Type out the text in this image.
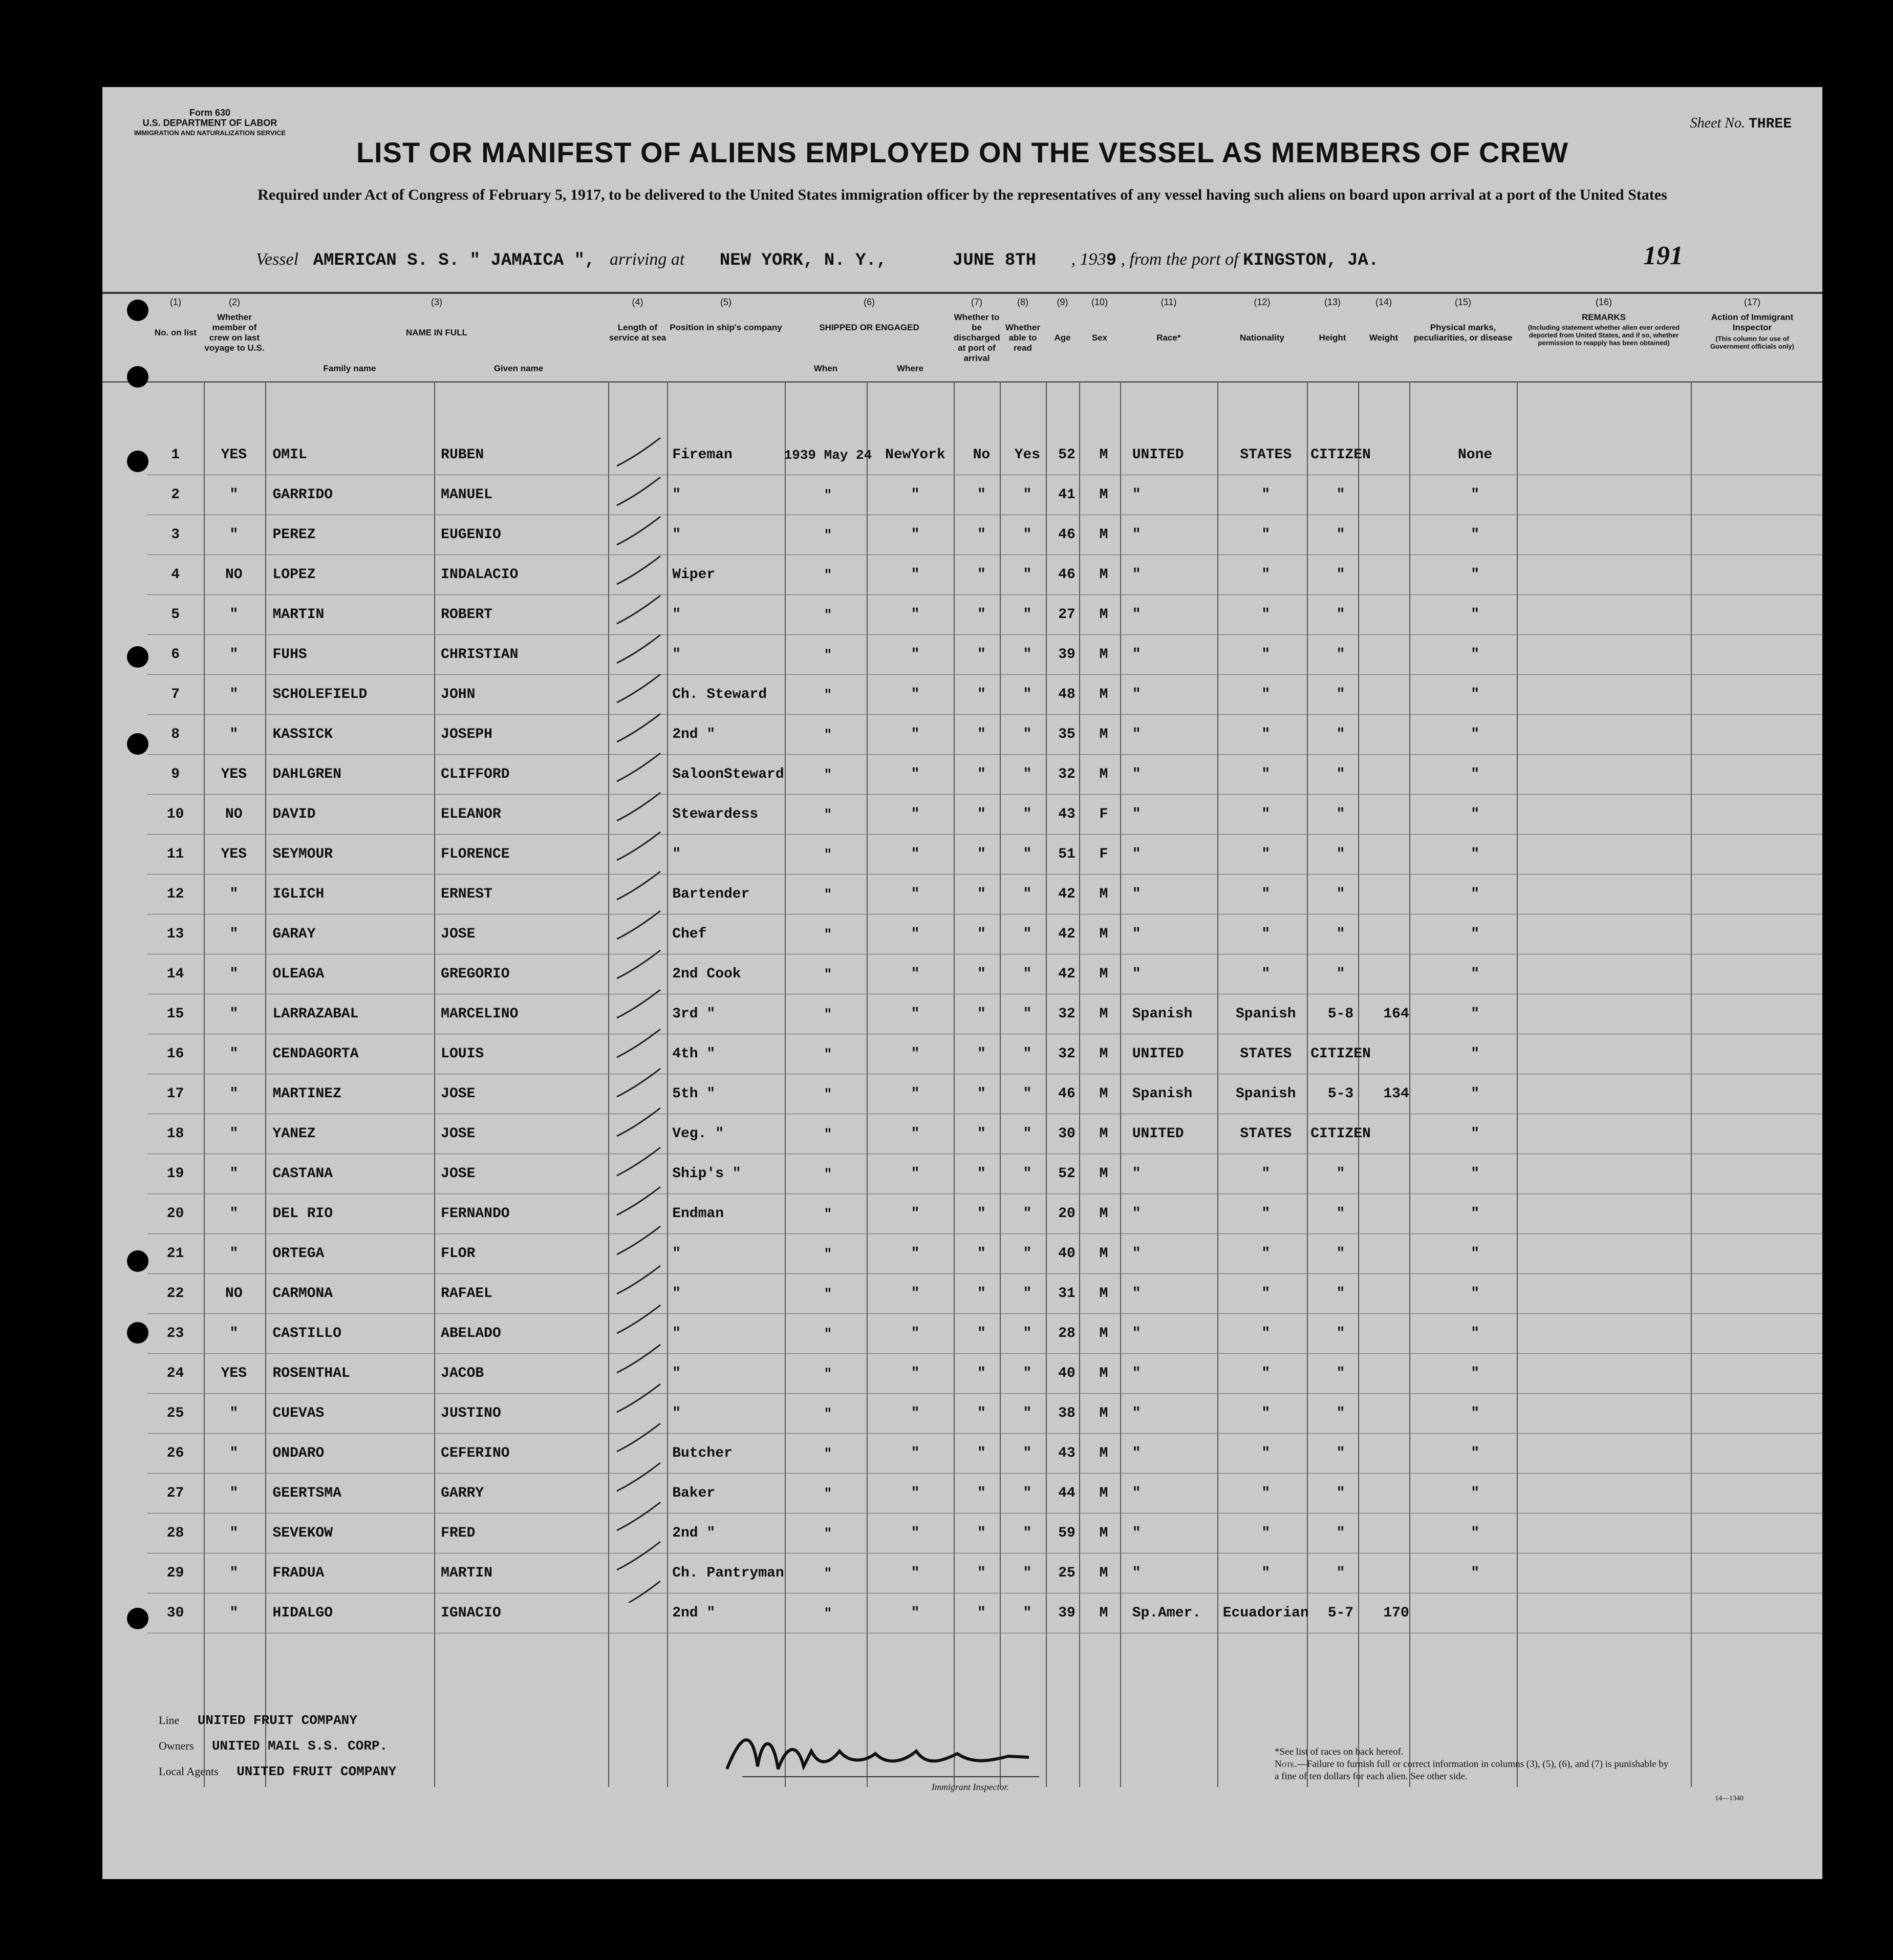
Form 630
U.S. DEPARTMENT OF LABOR
IMMIGRATION AND NATURALIZATION SERVICE
Sheet No. THREE
LIST OR MANIFEST OF ALIENS EMPLOYED ON THE VESSEL AS MEMBERS OF CREW
Required under Act of Congress of February 5, 1917, to be delivered to the United States immigration officer by the representatives of any vessel having such aliens on board upon arrival at a port of the United States
Vessel AMERICAN S. S. " JAMAICA ", arriving at NEW YORK, N. Y.,	JUNE 8TH , 1939 , from the port of KINGSTON, JA.	191
(1)
No. on list
(2)
Whether member of crew on last voyage to U.S.
(3)
NAME IN FULL
Family name	Given name
(4)
Length of service at sea
(5)
Position in ship's company
(6)
SHIPPED OR ENGAGED
When	Where
(7)
Whether to be discharged at port of arrival
(8)
Whether able to read
(9)
Age
(10)
Sex
(11)
Race*
(12)
Nationality
(13)
Height
(14)
Weight
(15)
Physical marks, peculiarities, or disease
(16)
REMARKS
(Including statement whether alien ever ordered deported from United States, and if so, whether permission to reapply has been obtained)
(17)
Action of Immigrant Inspector
(This column for use of Government officials only)
1	YES	OMIL	RUBEN		Fireman	1939 May 24	NewYork	No	Yes	52	M	UNITED	STATES	CITIZEN		None		
2	"	GARRIDO	MANUEL		"	"	"	"	"	41	M	"	"	"		"		
3	"	PEREZ	EUGENIO		"	"	"	"	"	46	M	"	"	"		"		
4	NO	LOPEZ	INDALACIO		Wiper	"	"	"	"	46	M	"	"	"		"		
5	"	MARTIN	ROBERT		"	"	"	"	"	27	M	"	"	"		"		
6	"	FUHS	CHRISTIAN		"	"	"	"	"	39	M	"	"	"		"		
7	"	SCHOLEFIELD	JOHN		Ch. Steward	"	"	"	"	48	M	"	"	"		"		
8	"	KASSICK	JOSEPH		2nd "	"	"	"	"	35	M	"	"	"		"		
9	YES	DAHLGREN	CLIFFORD		SaloonSteward	"	"	"	"	32	M	"	"	"		"		
10	NO	DAVID	ELEANOR		Stewardess	"	"	"	"	43	F	"	"	"		"		
11	YES	SEYMOUR	FLORENCE		"	"	"	"	"	51	F	"	"	"		"		
12	"	IGLICH	ERNEST		Bartender	"	"	"	"	42	M	"	"	"		"		
13	"	GARAY	JOSE		Chef	"	"	"	"	42	M	"	"	"		"		
14	"	OLEAGA	GREGORIO		2nd Cook	"	"	"	"	42	M	"	"	"		"		
15	"	LARRAZABAL	MARCELINO		3rd "	"	"	"	"	32	M	Spanish	Spanish	5-8	164	"		
16	"	CENDAGORTA	LOUIS		4th "	"	"	"	"	32	M	UNITED	STATES	CITIZEN		"		
17	"	MARTINEZ	JOSE		5th "	"	"	"	"	46	M	Spanish	Spanish	5-3	134	"		
18	"	YANEZ	JOSE		Veg. "	"	"	"	"	30	M	UNITED	STATES	CITIZEN		"		
19	"	CASTANA	JOSE		Ship's "	"	"	"	"	52	M	"	"	"		"		
20	"	DEL RIO	FERNANDO		Endman	"	"	"	"	20	M	"	"	"		"		
21	"	ORTEGA	FLOR		"	"	"	"	"	40	M	"	"	"		"		
22	NO	CARMONA	RAFAEL		"	"	"	"	"	31	M	"	"	"		"		
23	"	CASTILLO	ABELADO		"	"	"	"	"	28	M	"	"	"		"		
24	YES	ROSENTHAL	JACOB		"	"	"	"	"	40	M	"	"	"		"		
25	"	CUEVAS	JUSTINO		"	"	"	"	"	38	M	"	"	"		"		
26	"	ONDARO	CEFERINO		Butcher	"	"	"	"	43	M	"	"	"		"		
27	"	GEERTSMA	GARRY		Baker	"	"	"	"	44	M	"	"	"		"		
28	"	SEVEKOW	FRED		2nd "	"	"	"	"	59	M	"	"	"		"		
29	"	FRADUA	MARTIN		Ch. Pantryman	"	"	"	"	25	M	"	"	"		"		
30	"	HIDALGO	IGNACIO		2nd "	"	"	"	"	39	M	Sp.Amer.	Ecuadorian	5-7	170			
Line UNITED FRUIT COMPANY
Owners UNITED MAIL S.S. CORP.
Local Agents UNITED FRUIT COMPANY
Immigrant Inspector.
*See list of races on back hereof.
Note.—Failure to furnish full or correct information in columns (3), (5), (6), and (7) is punishable by a fine of ten dollars for each alien. See other side.
14—1340
